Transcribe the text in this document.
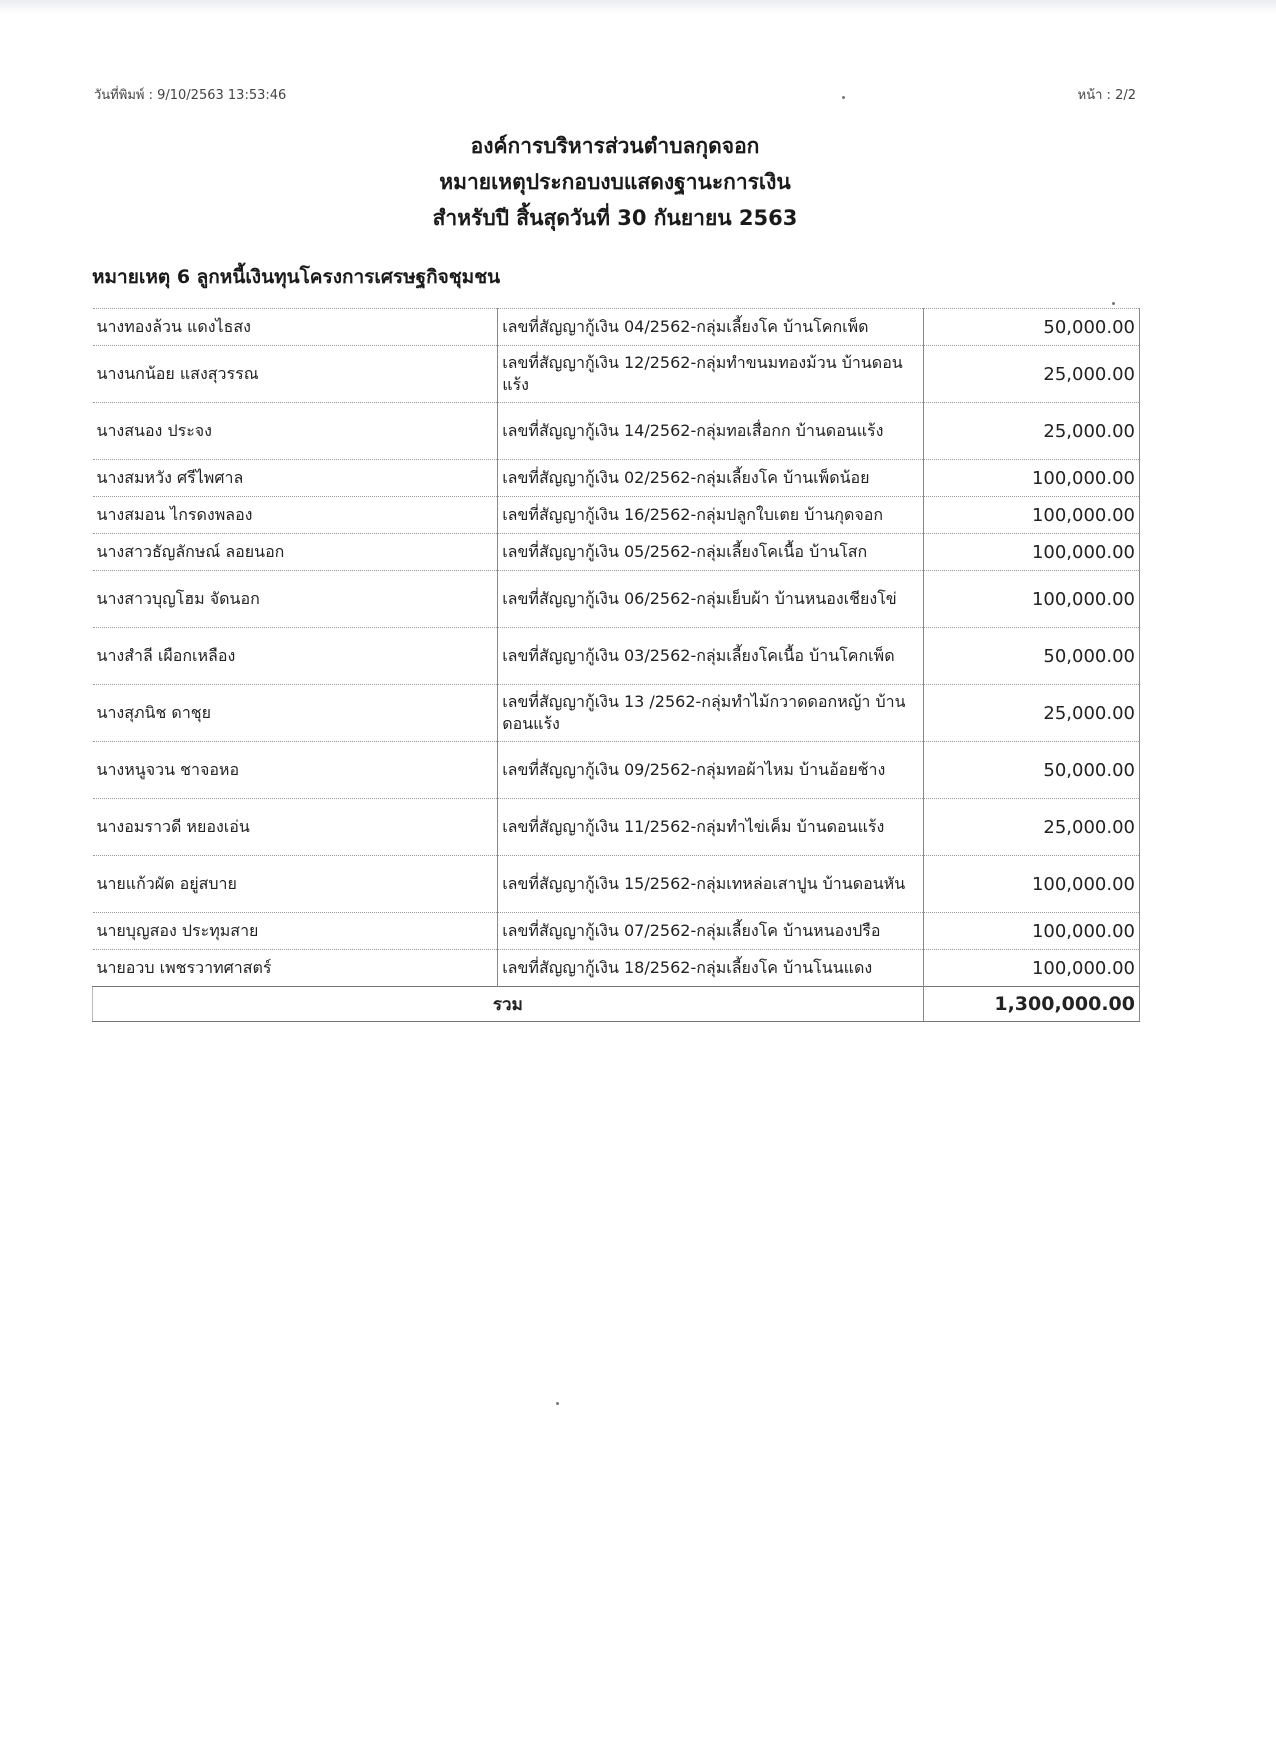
วันที่พิมพ์ : 9/10/2563 13:53:46	หน้า : 2/2
องค์การบริหารส่วนตำบลกุดจอก
หมายเหตุประกอบงบแสดงฐานะการเงิน
สำหรับปี สิ้นสุดวันที่ 30 กันยายน 2563
หมายเหตุ 6 ลูกหนี้เงินทุนโครงการเศรษฐกิจชุมชน
นางทองล้วน แดงไธสง	เลขที่สัญญากู้เงิน 04/2562-กลุ่มเลี้ยงโค บ้านโคกเพ็ด	50,000.00
นางนกน้อย แสงสุวรรณ	เลขที่สัญญากู้เงิน 12/2562-กลุ่มทำขนมทองม้วน บ้านดอนแร้ง	25,000.00
นางสนอง ประจง	เลขที่สัญญากู้เงิน 14/2562-กลุ่มทอเสื่อกก บ้านดอนแร้ง	25,000.00
นางสมหวัง ศรีไพศาล	เลขที่สัญญากู้เงิน 02/2562-กลุ่มเลี้ยงโค บ้านเพ็ดน้อย	100,000.00
นางสมอน ไกรดงพลอง	เลขที่สัญญากู้เงิน 16/2562-กลุ่มปลูกใบเตย บ้านกุดจอก	100,000.00
นางสาวธัญลักษณ์ ลอยนอก	เลขที่สัญญากู้เงิน 05/2562-กลุ่มเลี้ยงโคเนื้อ บ้านโสก	100,000.00
นางสาวบุญโฮม จัดนอก	เลขที่สัญญากู้เงิน 06/2562-กลุ่มเย็บผ้า บ้านหนองเชียงโข่	100,000.00
นางสำลี เผือกเหลือง	เลขที่สัญญากู้เงิน 03/2562-กลุ่มเลี้ยงโคเนื้อ บ้านโคกเพ็ด	50,000.00
นางสุภนิช ดาชุย	เลขที่สัญญากู้เงิน 13 /2562-กลุ่มทำไม้กวาดดอกหญ้า บ้านดอนแร้ง	25,000.00
นางหนูจวน ชาจอหอ	เลขที่สัญญากู้เงิน 09/2562-กลุ่มทอผ้าไหม บ้านอ้อยช้าง	50,000.00
นางอมราวดี หยองเอ่น	เลขที่สัญญากู้เงิน 11/2562-กลุ่มทำไข่เค็ม บ้านดอนแร้ง	25,000.00
นายแก้วผัด อยู่สบาย	เลขที่สัญญากู้เงิน 15/2562-กลุ่มเทหล่อเสาปูน บ้านดอนหัน	100,000.00
นายบุญสอง ประทุมสาย	เลขที่สัญญากู้เงิน 07/2562-กลุ่มเลี้ยงโค บ้านหนองปรือ	100,000.00
นายอวบ เพชรวาทศาสตร์	เลขที่สัญญากู้เงิน 18/2562-กลุ่มเลี้ยงโค บ้านโนนแดง	100,000.00
รวม		1,300,000.00
